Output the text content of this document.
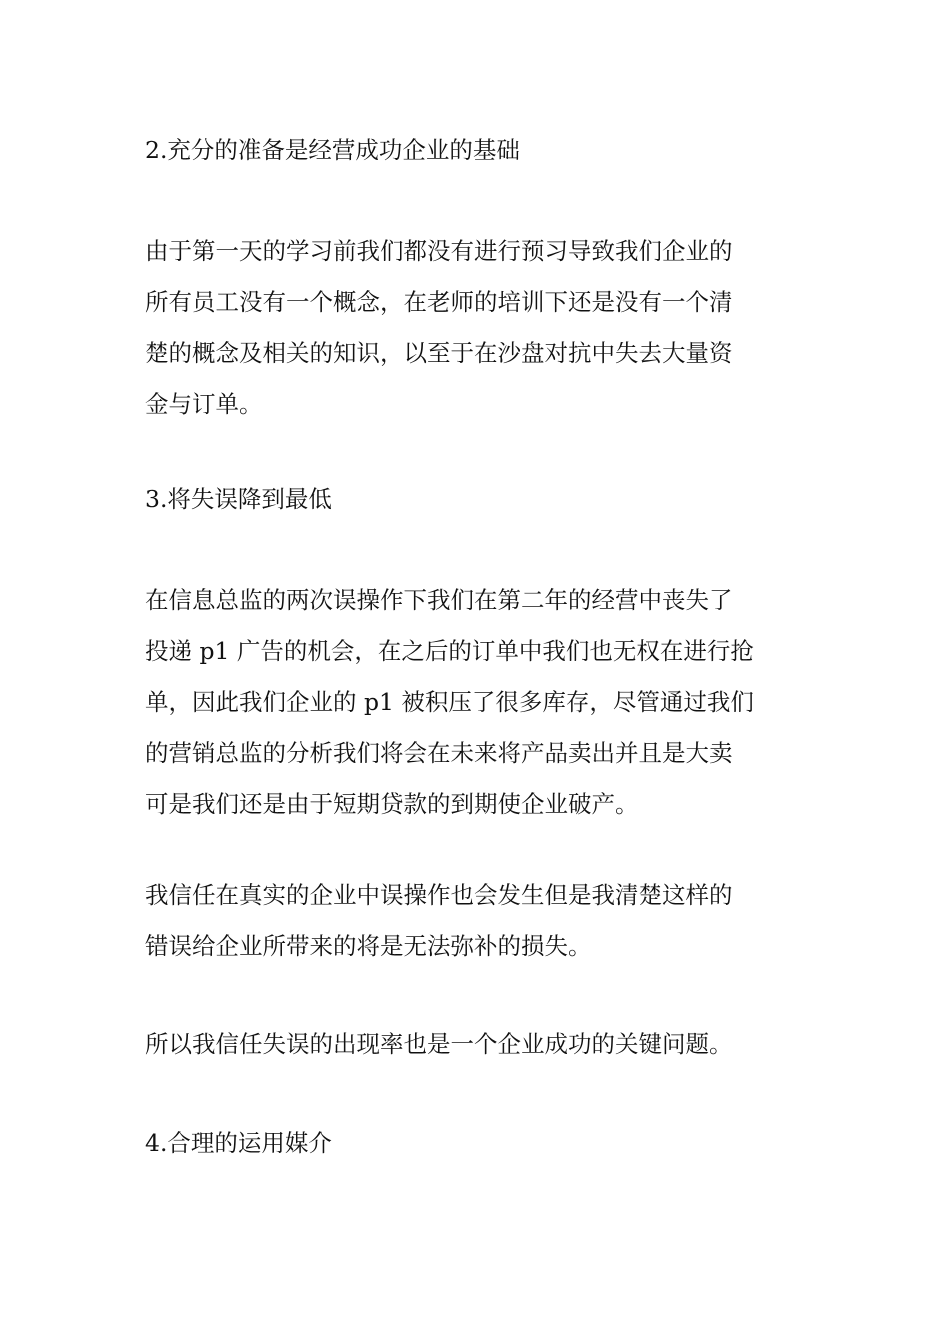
2.充分的准备是经营成功企业的基础
由于第一天的学习前我们都没有进行预习导致我们企业的
所有员工没有一个概念，在老师的培训下还是没有一个清
楚的概念及相关的知识，以至于在沙盘对抗中失去大量资
金与订单。
3.将失误降到最低
在信息总监的两次误操作下我们在第二年的经营中丧失了
投递 p1 广告的机会，在之后的订单中我们也无权在进行抢
单，因此我们企业的 p1 被积压了很多库存，尽管通过我们
的营销总监的分析我们将会在未来将产品卖出并且是大卖
可是我们还是由于短期贷款的到期使企业破产。
我信任在真实的企业中误操作也会发生但是我清楚这样的
错误给企业所带来的将是无法弥补的损失。
所以我信任失误的出现率也是一个企业成功的关键问题。
4.合理的运用媒介
